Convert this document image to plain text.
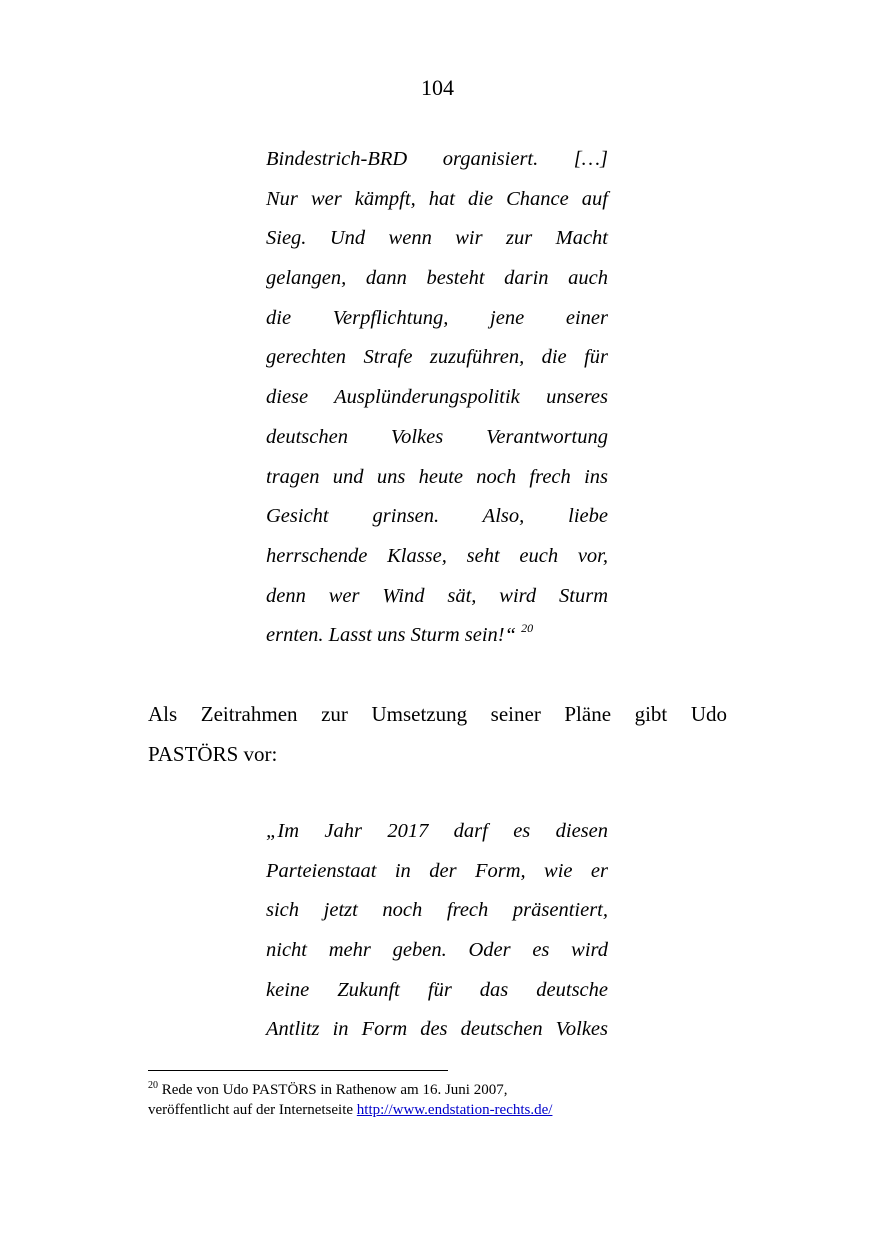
104
Bindestrich-BRD organisiert. […]
Nur wer kämpft, hat die Chance auf
Sieg. Und wenn wir zur Macht
gelangen, dann besteht darin auch
die Verpflichtung, jene einer
gerechten Strafe zuzuführen, die für
diese Ausplünderungspolitik unseres
deutschen Volkes Verantwortung
tragen und uns heute noch frech ins
Gesicht grinsen. Also, liebe
herrschende Klasse, seht euch vor,
denn wer Wind sät, wird Sturm
ernten. Lasst uns Sturm sein!“ $^{20}$
Als Zeitrahmen zur Umsetzung seiner Pläne gibt Udo
PASTÖRS vor:
„Im Jahr 2017 darf es diesen
Parteienstaat in der Form, wie er
sich jetzt noch frech präsentiert,
nicht mehr geben. Oder es wird
keine Zukunft für das deutsche
Antlitz in Form des deutschen Volkes
$^{20}$ Rede von Udo PASTÖRS in Rathenow am 16. Juni 2007,
veröffentlicht auf der Internetseite http://www.endstation-rechts.de/
